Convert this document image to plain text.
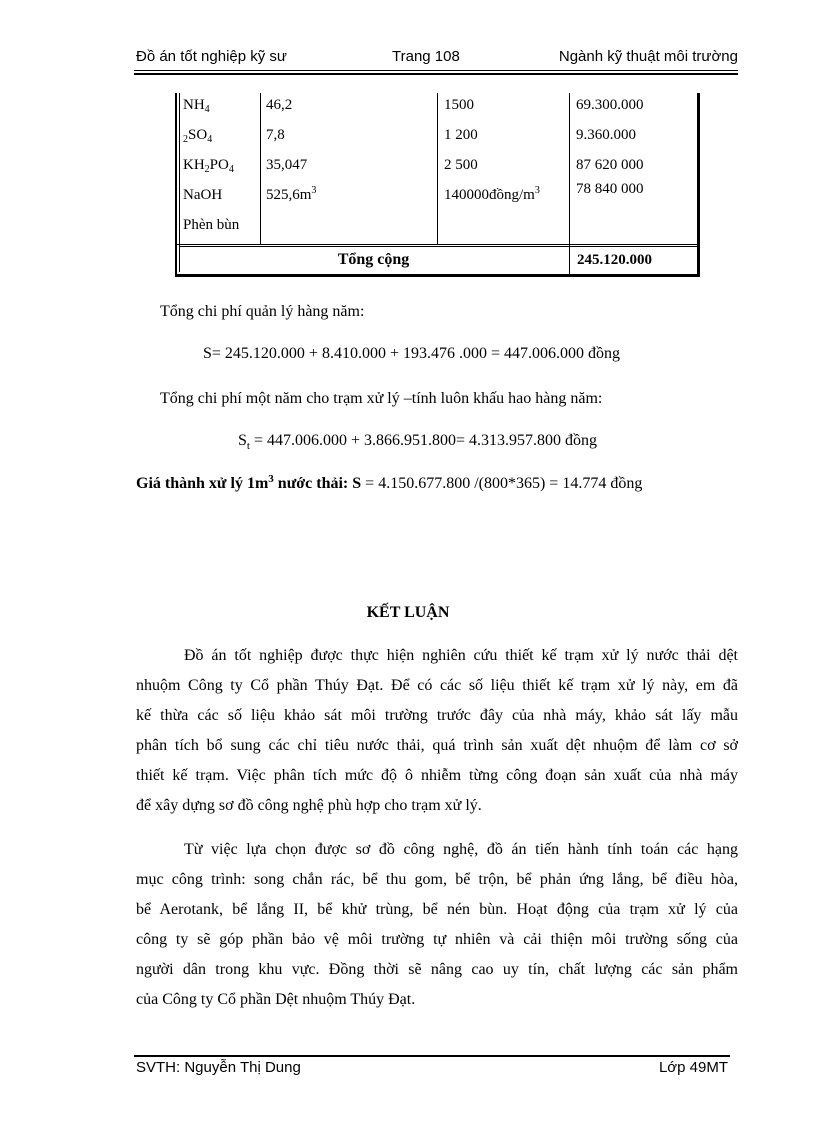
Đồ án tốt nghiệp kỹ sư	Trang 108	Ngành kỹ thuật môi trường
$NH_4$	46,2	1500	69.300.000
$_2SO_4$	7,8	1 200	9.360.000
$KH_2PO_4$ 35,047	2 500	87 620 000
NaOH	$525,6m^3$	$140000đồng/m^3$ 78 840 000
Phèn bùn
Tổng cộng	245.120.000
Tổng chi phí quản lý hàng năm:
S= 245.120.000 + 8.410.000 + 193.476 .000 = 447.006.000 đồng
Tổng chi phí một năm cho trạm xử lý –tính luôn khấu hao hàng năm:
$S_t = 447.006.000 + 3.866.951.800= 4.313.957.800$ đồng
Giá thành xử lý $1m^3$ nước thải: S = 4.150.677.800 /(800*365) = 14.774 đồng
KẾT LUẬN
Đồ án tốt nghiệp được thực hiện nghiên cứu thiết kế trạm xử lý nước thải dệt
nhuộm Công ty Cổ phần Thúy Đạt. Để có các số liệu thiết kế trạm xử lý này, em đã
kế thừa các số liệu khảo sát môi trường trước đây của nhà máy, khảo sát lấy mẫu
phân tích bổ sung các chỉ tiêu nước thải, quá trình sản xuất dệt nhuộm để làm cơ sở
thiết kế trạm. Việc phân tích mức độ ô nhiễm từng công đoạn sản xuất của nhà máy
để xây dựng sơ đồ công nghệ phù hợp cho trạm xử lý.
Từ việc lựa chọn được sơ đồ công nghệ, đồ án tiến hành tính toán các hạng
mục công trình: song chắn rác, bể thu gom, bể trộn, bể phản ứng lắng, bể điều hòa,
bể Aerotank, bể lắng II, bể khử trùng, bể nén bùn. Hoạt động của trạm xử lý của
công ty sẽ góp phần bảo vệ môi trường tự nhiên và cải thiện môi trường sống của
người dân trong khu vực. Đồng thời sẽ nâng cao uy tín, chất lượng các sản phẩm
của Công ty Cổ phần Dệt nhuộm Thúy Đạt.
SVTH: Nguyễn Thị Dung	Lớp 49MT
